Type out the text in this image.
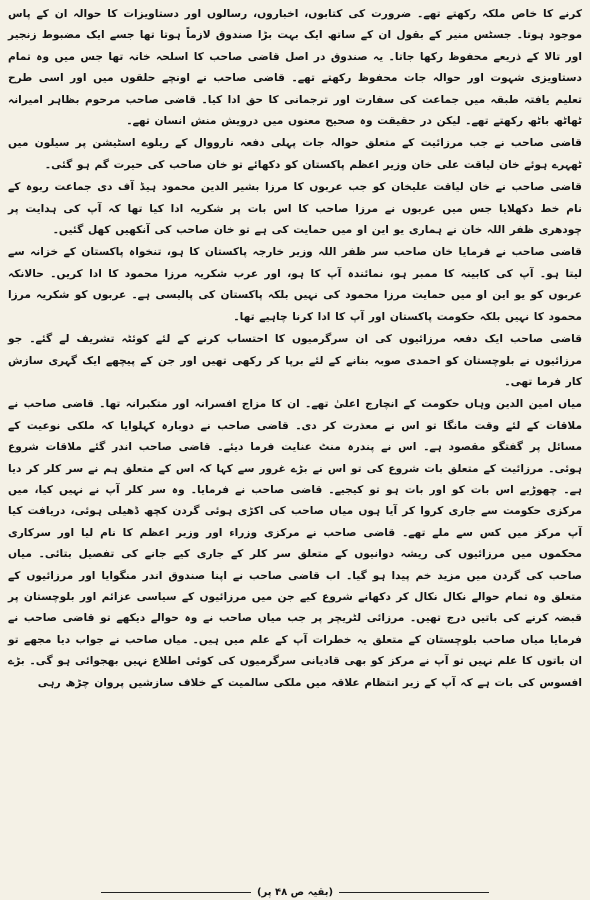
کرنے کا خاص ملکہ رکھتے تھے۔ ضرورت کی کتابوں، اخباروں، رسالوں اور دستاویزات کا حوالہ ان کے پاس موجود ہوتا۔ جسٹس منیر کے بقول ان کے ساتھ ایک بہت بڑا صندوق لازماً ہوتا تھا جسے ایک مضبوط زنجیر اور تالا کے ذریعے محفوظ رکھا جاتا۔ یہ صندوق در اصل قاضی صاحب کا اسلحہ خانہ تھا جس میں وہ تمام دستاویزی شہوت اور حوالہ جات محفوظ رکھتے تھے۔ قاضی صاحب نے اونچے حلقوں میں اور اسی طرح تعلیم یافتہ طبقہ میں جماعت کی سفارت اور ترجمانی کا حق ادا کیا۔ قاضی صاحب مرحوم بظاہر امیرانہ ٹھاٹھ باٹھ رکھتے تھے۔ لیکن در حقیقت وہ صحیح معنوں میں درویش منش انسان تھے۔

قاضی صاحب نے جب مرزائیت کے متعلق حوالہ جات پہلی دفعہ نارووال کے ریلوے اسٹیشن پر سیلون میں ٹھہرے ہوئے خان لیاقت علی خان وزیر اعظم پاکستان کو دکھائے تو خان صاحب کی حیرت گم ہو گئی۔

قاضی صاحب نے خان لیاقت علیخان کو جب عربوں کا مرزا بشیر الدین محمود ہیڈ آف دی جماعت ربوہ کے نام خط دکھلایا جس میں عربوں نے مرزا صاحب کا اس بات پر شکریہ ادا کیا تھا کہ آپ کی ہدایت پر چودھری ظفر اللہ خان نے ہماری یو این او میں حمایت کی ہے تو خان صاحب کی آنکھیں کھل گئیں۔

قاضی صاحب نے فرمایا خان صاحب سر ظفر اللہ وزیر خارجہ پاکستان کا ہو، تنخواہ پاکستان کے خزانہ سے لیتا ہو۔ آپ کی کابینہ کا ممبر ہو، نمائندہ آپ کا ہو، اور عرب شکریہ مرزا محمود کا ادا کریں۔ حالانکہ عربوں کو یو این او میں حمایت مرزا محمود کی نہیں بلکہ پاکستان کی پالیسی ہے۔ عربوں کو شکریہ مرزا محمود کا نہیں بلکہ حکومت پاکستان اور آپ کا ادا کرنا چاہیے تھا۔

قاضی صاحب ایک دفعہ مرزائیوں کی ان سرگرمیوں کا احتساب کرنے کے لئے کوئٹہ تشریف لے گئے۔ جو مرزائیوں نے بلوچستان کو احمدی صوبہ بنانے کے لئے برپا کر رکھی تھیں اور جن کے پیچھے ایک گہری سازش کار فرما تھی۔

میاں امین الدین وہاں حکومت کے انچارج اعلیٰ تھے۔ ان کا مزاج افسرانہ اور متکبرانہ تھا۔ قاضی صاحب نے ملاقات کے لئے وقت مانگا تو اس نے معذرت کر دی۔ قاضی صاحب نے دوبارہ کہلوایا کہ ملکی نوعیت کے مسائل پر گفتگو مقصود ہے۔ اس نے پندرہ منٹ عنایت فرما دیئے۔ قاضی صاحب اندر گئے ملاقات شروع ہوئی۔ مرزائیت کے متعلق بات شروع کی تو اس نے بڑے غرور سے کہا کہ اس کے متعلق ہم نے سر کلر کر دیا ہے۔ چھوڑیے اس بات کو اور بات ہو تو کیجیے۔ قاضی صاحب نے فرمایا۔ وہ سر کلر آپ نے نہیں کیا، میں مرکزی حکومت سے جاری کروا کر آیا ہوں میاں صاحب کی اکڑی ہوئی گردن کچھ ڈھیلی ہوئی، دریافت کیا آپ مرکز میں کس سے ملے تھے۔ قاضی صاحب نے مرکزی وزراء اور وزیر اعظم کا نام لیا اور سرکاری محکموں میں مرزائیوں کی ریشہ دوانیوں کے متعلق سر کلر کے جاری کیے جانے کی تفصیل بتائی۔ میاں صاحب کی گردن میں مزید خم پیدا ہو گیا۔ اب قاضی صاحب نے اپنا صندوق اندر منگوایا اور مرزائیوں کے متعلق وہ تمام حوالے نکال نکال کر دکھانے شروع کیے جن میں مرزائیوں کے سیاسی عزائم اور بلوچستان پر قبضہ کرنے کی باتیں درج تھیں۔ مرزائی لٹریچر پر جب میاں صاحب نے وہ حوالے دیکھے تو قاضی صاحب نے فرمایا میاں صاحب بلوچستان کے متعلق یہ خطرات آپ کے علم میں ہیں۔ میاں صاحب نے جواب دیا مجھے تو ان باتوں کا علم نہیں تو آپ نے مرکز کو بھی قادیانی سرگرمیوں کی کوئی اطلاع نہیں بھجوائی ہو گی۔ بڑے افسوس کی بات ہے کہ آپ کے زیر انتظام علاقہ میں ملکی سالمیت کے خلاف سازشیں پروان چڑھ رہی

(بقیہ ص ۴۸ پر)
